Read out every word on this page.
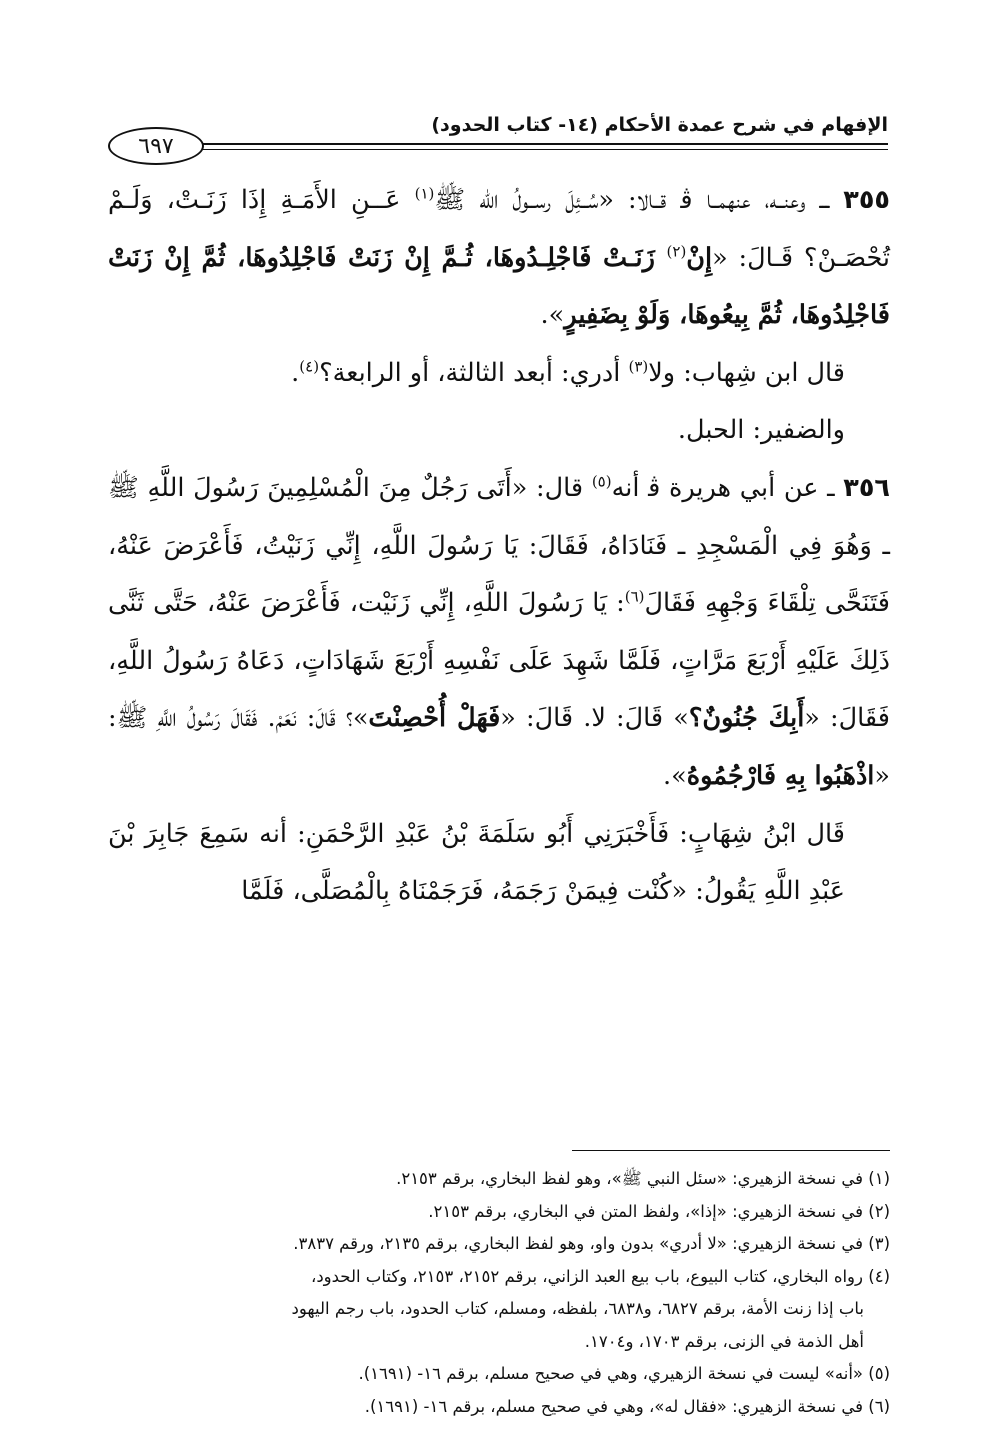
الإفهام في شرح عمدة الأحكام (١٤- كتاب الحدود)
٦٩٧

٣٥٥ ـــ وعنــه، عنهمــا ﭬ قــالا: «سُــئِلَ رســولُ الله ﷺ$^{(١)}$ عَــنِ الأَمَـةِ إِذَا زَنَـتْ، وَلَـمْ تُحْصَـنْ؟ قَـالَ: «إِنْ$^{(٢)}$ زَنَـتْ فَاجْلِـدُوهَا، ثُـمَّ إِنْ زَنَتْ فَاجْلِدُوهَا، ثُمَّ إِنْ زَنَتْ فَاجْلِدُوهَا، ثُمَّ بِيعُوهَا، وَلَوْ بِضَفِيرٍ».

قال ابن شِهاب: ولا$^{(٣)}$ أدري: أبعد الثالثة، أو الرابعة؟$^{(٤)}$.

والضفير: الحبل.

٣٥٦ ـ عن أبي هريرة ﭬ أنه$^{(٥)}$ قال: «أَتَى رَجُلٌ مِنَ الْمُسْلِمِينَ رَسُولَ اللَّهِ ﷺ ـ وَهُوَ فِي الْمَسْجِدِ ـ فَنَادَاهُ، فَقَالَ: يَا رَسُولَ اللَّهِ، إِنِّي زَنَيْتُ، فَأَعْرَضَ عَنْهُ، فَتَنَحَّى تِلْقَاءَ وَجْهِهِ فَقَالَ$^{(٦)}$: يَا رَسُولَ اللَّهِ، إِنِّي زَنَيْت، فَأَعْرَضَ عَنْهُ، حَتَّى ثَنَّى ذَلِكَ عَلَيْهِ أَرْبَعَ مَرَّاتٍ، فَلَمَّا شَهِدَ عَلَى نَفْسِهِ أَرْبَعَ شَهَادَاتٍ، دَعَاهُ رَسُولُ اللَّهِ، فَقَالَ: «أَبِكَ جُنُونٌ؟» قَالَ: لا. قَالَ: «فَهَلْ أُحْصِنْتَ»؟ قَالَ: نَعَمْ. فَقَالَ رَسُولُ اللَّهِ ﷺ: «اذْهَبُوا بِهِ فَارْجُمُوهُ».

قَال ابْنُ شِهَابٍ: فَأَخْبَرَنِي أَبُو سَلَمَةَ بْنُ عَبْدِ الرَّحْمَنِ: أنه سَمِعَ جَابِرَ بْنَ عَبْدِ اللَّهِ يَقُولُ: «كُنْت فِيمَنْ رَجَمَهُ، فَرَجَمْنَاهُ بِالْمُصَلَّى، فَلَمَّا

(١) في نسخة الزهيري: «سئل النبي ﷺ»، وهو لفظ البخاري، برقم ٢١٥٣.

(٢) في نسخة الزهيري: «إذا»، ولفظ المتن في البخاري، برقم ٢١٥٣.

(٣) في نسخة الزهيري: «لا أدري» بدون واو، وهو لفظ البخاري، برقم ٢١٣٥، ورقم ٣٨٣٧.

(٤) رواه البخاري، كتاب البيوع، باب بيع العبد الزاني، برقم ٢١٥٢، ٢١٥٣، وكتاب الحدود،

باب إذا زنت الأمة، برقم ٦٨٢٧، و٦٨٣٨، بلفظه، ومسلم، كتاب الحدود، باب رجم اليهود

أهل الذمة في الزنى، برقم ١٧٠٣، و١٧٠٤.

(٥) «أنه» ليست في نسخة الزهيري، وهي في صحيح مسلم، برقم ١٦- (١٦٩١).

(٦) في نسخة الزهيري: «فقال له»، وهي في صحيح مسلم، برقم ١٦- (١٦٩١).
